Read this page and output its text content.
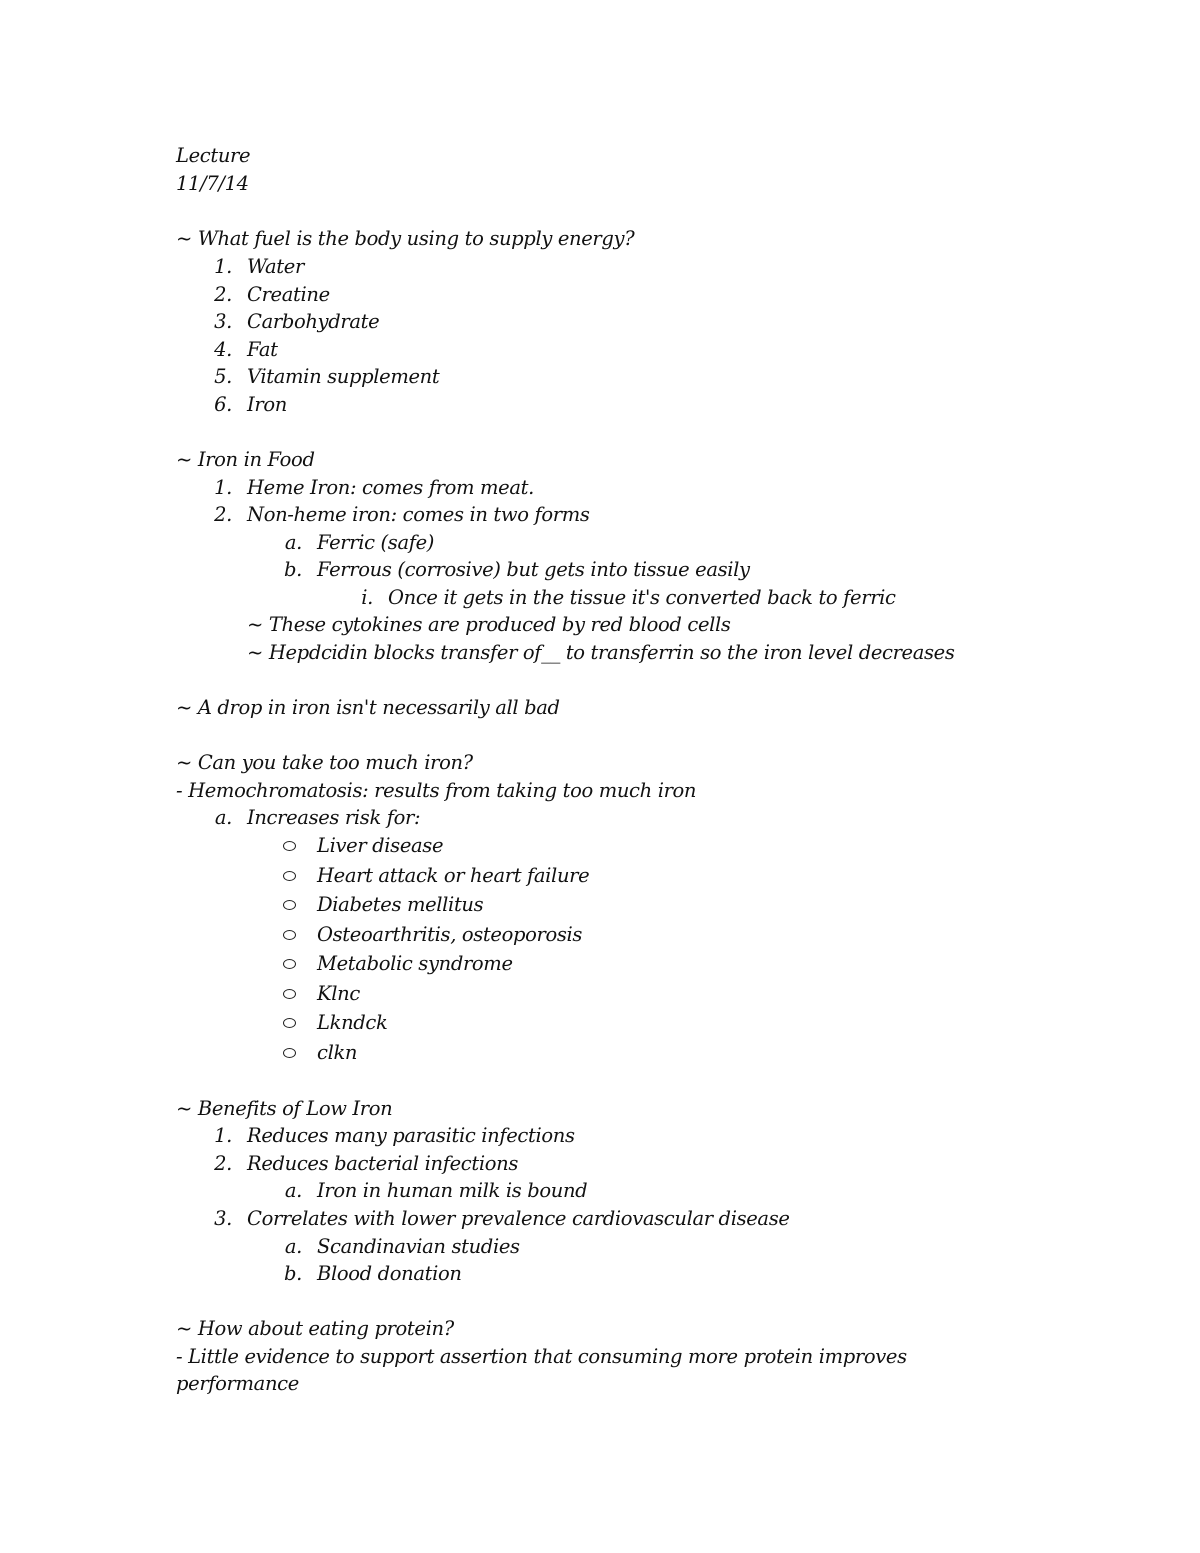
Lecture
11/7/14
~ What fuel is the body using to supply energy?
1. Water
2. Creatine
3. Carbohydrate
4. Fat
5. Vitamin supplement
6. Iron
~ Iron in Food
1. Heme Iron: comes from meat.
2. Non-heme iron: comes in two forms
a. Ferric (safe)
b. Ferrous (corrosive) but gets into tissue easily
i. Once it gets in the tissue it's converted back to ferric
~ These cytokines are produced by red blood cells
~ Hepdcidin blocks transfer of__ to transferrin so the iron level decreases
~ A drop in iron isn't necessarily all bad
~ Can you take too much iron?
- Hemochromatosis: results from taking too much iron
a. Increases risk for:
Liver disease
Heart attack or heart failure
Diabetes mellitus
Osteoarthritis, osteoporosis
Metabolic syndrome
Klnc
Lkndck
clkn
~ Benefits of Low Iron
1. Reduces many parasitic infections
2. Reduces bacterial infections
a. Iron in human milk is bound
3. Correlates with lower prevalence cardiovascular disease
a. Scandinavian studies
b. Blood donation
~ How about eating protein?
- Little evidence to support assertion that consuming more protein improves
performance
